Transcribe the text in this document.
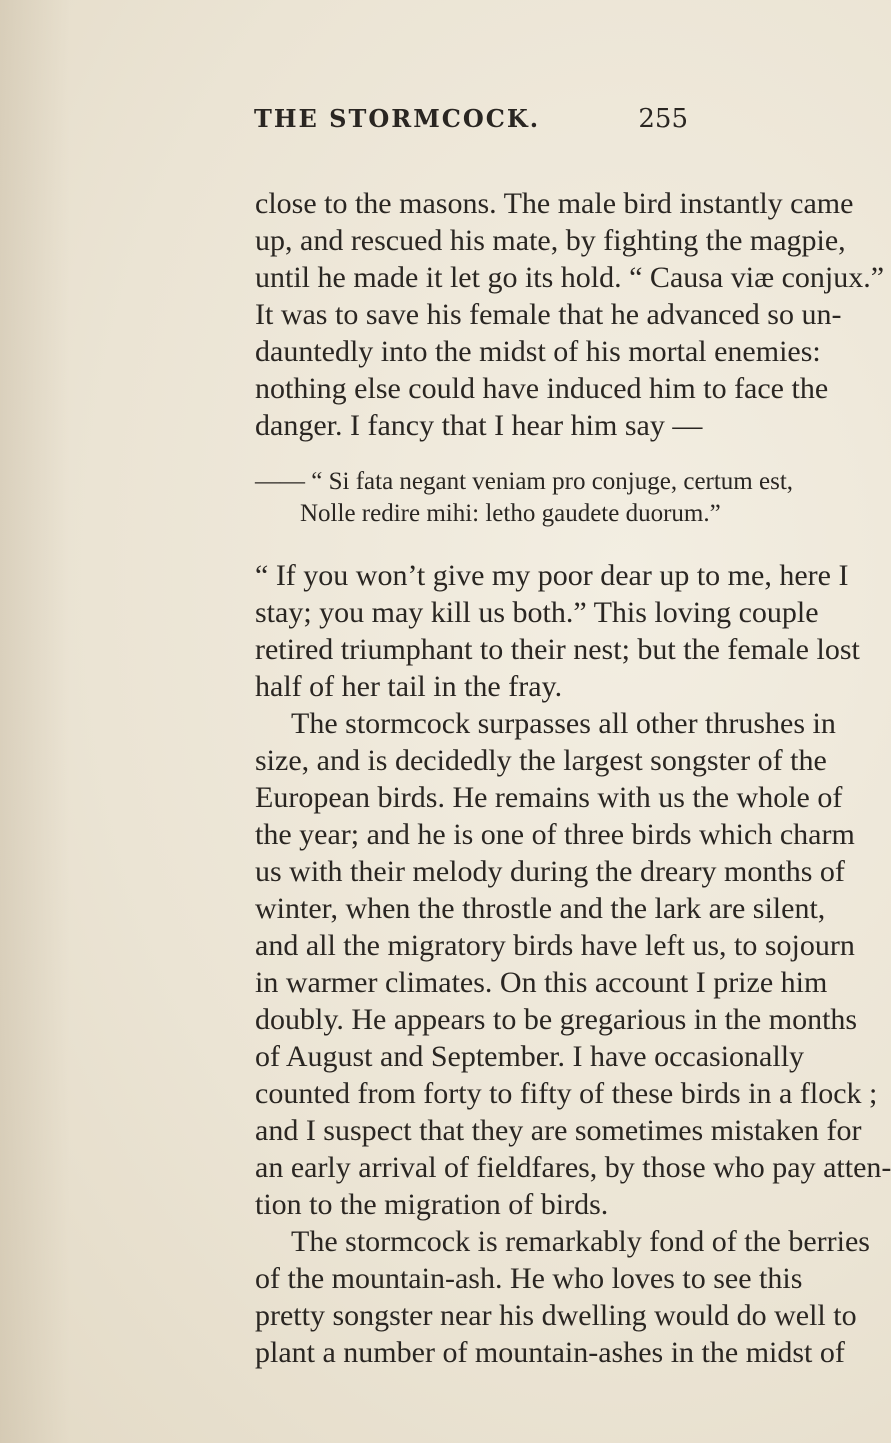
THE STORMCOCK.	255
close to the masons. The male bird instantly came
up, and rescued his mate, by fighting the magpie,
until he made it let go its hold. “ Causa viæ conjux.”
It was to save his female that he advanced so un-
dauntedly into the midst of his mortal enemies:
nothing else could have induced him to face the
danger. I fancy that I hear him say —
—— “ Si fata negant veniam pro conjuge, certum est,
Nolle redire mihi: letho gaudete duorum.”
“ If you won’t give my poor dear up to me, here I
stay; you may kill us both.” This loving couple
retired triumphant to their nest; but the female lost
half of her tail in the fray.
The stormcock surpasses all other thrushes in
size, and is decidedly the largest songster of the
European birds. He remains with us the whole of
the year; and he is one of three birds which charm
us with their melody during the dreary months of
winter, when the throstle and the lark are silent,
and all the migratory birds have left us, to sojourn
in warmer climates. On this account I prize him
doubly. He appears to be gregarious in the months
of August and September. I have occasionally
counted from forty to fifty of these birds in a flock ;
and I suspect that they are sometimes mistaken for
an early arrival of fieldfares, by those who pay atten-
tion to the migration of birds.
The stormcock is remarkably fond of the berries
of the mountain-ash. He who loves to see this
pretty songster near his dwelling would do well to
plant a number of mountain-ashes in the midst of
